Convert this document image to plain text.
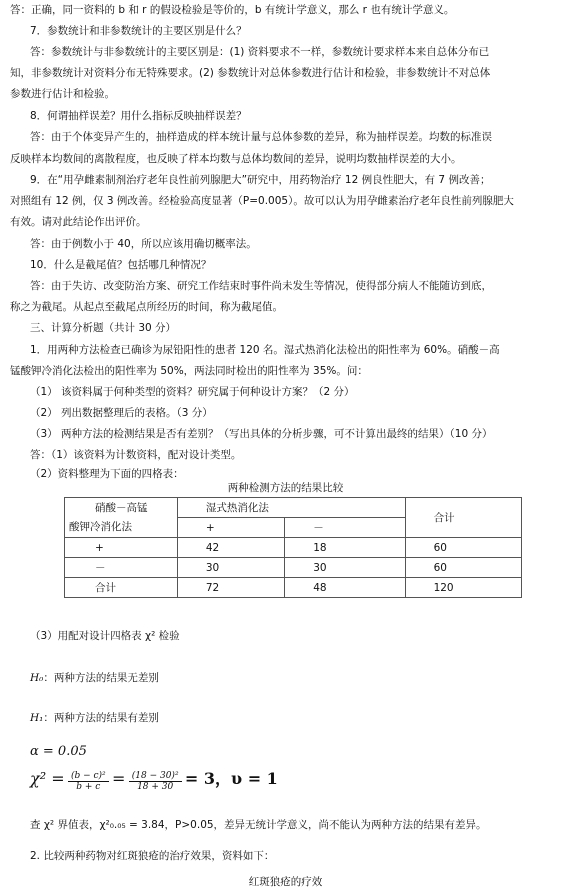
答：正确，同一资料的 b 和 r 的假设检验是等价的，b 有统计学意义，那么 r 也有统计学意义。
7．参数统计和非参数统计的主要区别是什么？
答：参数统计与非参数统计的主要区别是：(1) 资料要求不一样，参数统计要求样本来自总体分布已
知，非参数统计对资料分布无特殊要求。(2) 参数统计对总体参数进行估计和检验，非参数统计不对总体
参数进行估计和检验。
8．何谓抽样误差？用什么指标反映抽样误差？
答：由于个体变异产生的，抽样造成的样本统计量与总体参数的差异，称为抽样误差。均数的标准误
反映样本均数间的离散程度，也反映了样本均数与总体均数间的差异，说明均数抽样误差的大小。
9．在“用孕雌素制剂治疗老年良性前列腺肥大”研究中，用药物治疗 12 例良性肥大，有 7 例改善；
对照组有 12 例，仅 3 例改善。经检验高度显著（P=0.005）。故可以认为用孕雌素治疗老年良性前列腺肥大
有效。请对此结论作出评价。
答：由于例数小于 40，所以应该用确切概率法。
10．什么是截尾值？包括哪几种情况？
答：由于失访、改变防治方案、研究工作结束时事件尚未发生等情况，使得部分病人不能随访到底，
称之为截尾。从起点至截尾点所经历的时间，称为截尾值。
三、计算分析题（共计 30 分）
1．用两种方法检查已确诊为尿铅阳性的患者 120 名。湿式热消化法检出的阳性率为 60%。硝酸－高
锰酸钾冷消化法检出的阳性率为 50%，两法同时检出的阳性率为 35%。问：
（1） 该资料属于何种类型的资料？研究属于何种设计方案？（2 分）
（2） 列出数据整理后的表格。（3 分）
（3） 两种方法的检测结果是否有差别？（写出具体的分析步骤，可不计算出最终的结果）（10 分）
答：（1）该资料为计数资料，配对设计类型。
（2）资料整理为下面的四格表：
两种检测方法的结果比较
硝酸－高锰
酸钾冷消化法	湿式热消化法		合计
	+	－	
+	42	18	60
－	30	30	60
合计	72	48	120
（3）用配对设计四格表 χ² 检验
H₀：两种方法的结果无差别
H₁：两种方法的结果有差别
α = 0.05
$\chi^2 = \frac{\text{(b − c)²}}{b + c} = \frac{\text{(18 − 30)²}}{18 + 30} = 3$，υ = 1
查 χ² 界值表，χ²₀.₀₅ = 3.84，P>0.05，差异无统计学意义，尚不能认为两种方法的结果有差异。
2. 比较两种药物对红斑狼疮的治疗效果，资料如下：
红斑狼疮的疗效
